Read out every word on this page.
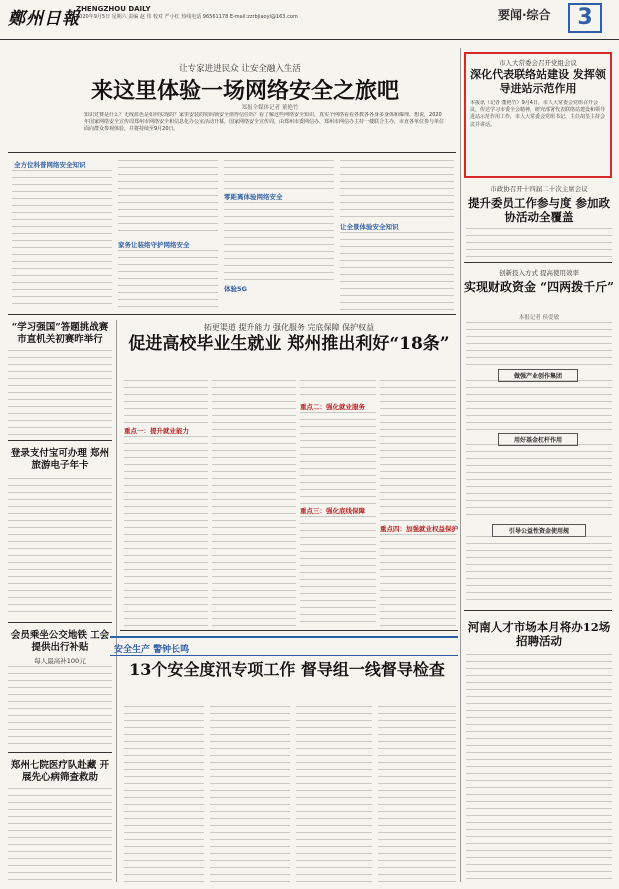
鄭州日報
ZHENGZHOU DAILY
2020年9月5日 星期六 责编 赵 伟 校对 严小红 热线电话 96561178 E-mail:zzrbjiaoyi@163.com	要闻·综合	3
让专家进进民众 让安全融入生活
来这里体验一场网络安全之旅吧
郑报全媒体记者 董艳竹
知识竞赛是什么？无线蓝色是如何实现的？家里安装的密码锁安全值得信任吗？看了解这些网络安全知识，真实个网络看看各教各各身多身体和爆理、想说，2020年国家网络安全宣传周郑州市网络安全和信息化办公室活动开幕，国家网络安全宣传周，由郑州市委网信办、郑州市网信办主持一楼联合主办，市直各单位参与单位面向群众参观体验，并将持续至9月20日。
全方位科普网络安全知识
家务让装络守护网络安全
零距离体验网络安全
体验5G
让全景体验安全知识
市人大常委会召开党组会议
深化代表联络站建设 发挥领导进站示范作用
本报讯（记者 董艳竹）9月4日，市人大常委会党组召开会议，传达学习市委全会精神，研究部署代表联络站建设和领导进站示范作用工作，市人大常委会党组书记、主任胡荃主持会议并讲话。
市政协召开十四届二十次主席会议
提升委员工作参与度 参加政协活动全覆盖
创新投入方式 提高使用效率
实现财政资金 “四两拨千斤”
本报记者 侯爱敏
做强产业创作集团
用好基金杠杆作用
引导公益性资金使用规
河南人才市场本月将办12场招聘活动
“学习强国”答题挑战赛 市直机关初赛昨举行
登录支付宝可办理 郑州旅游电子年卡
会员乘坐公交地铁 工会提供出行补贴
每人最高补100元
郑州七院医疗队赴藏 开展先心病筛查救助
拓更渠道 提升能力 强化服务 完底保障 保护权益
促进高校毕业生就业 郑州推出利好“18条”
重点一：提升就业能力
重点二：强化就业服务
重点三：强化底线保障
重点四：加强就业权益保护
安全生产 警钟长鸣
13个安全度汛专项工作 督导组一线督导检查
